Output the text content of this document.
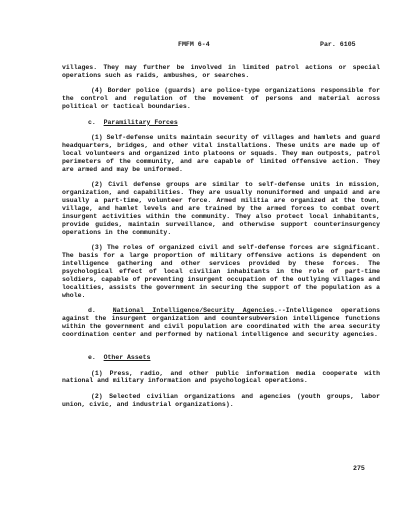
FMFM 6-4	Par. 6105

villages. They may further be involved in limited patrol actions or special operations such as raids, ambushes, or searches.

(4) Border police (guards) are police-type organizations responsible for the control and regulation of the movement of persons and material across political or tactical boundaries.

c. Paramilitary Forces

(1) Self-defense units maintain security of villages and hamlets and guard headquarters, bridges, and other vital installations. These units are made up of local volunteers and organized into platoons or squads. They man outposts, patrol perimeters of the community, and are capable of limited offensive action. They are armed and may be uniformed.

(2) Civil defense groups are similar to self-defense units in mission, organization, and capabilities. They are usually nonuniformed and unpaid and are usually a part-time, volunteer force. Armed militia are organized at the town, village, and hamlet levels and are trained by the armed forces to combat overt insurgent activities within the community. They also protect local inhabitants, provide guides, maintain surveillance, and otherwise support counterinsurgency operations in the community.

(3) The roles of organized civil and self-defense forces are significant. The basis for a large proportion of military offensive actions is dependent on intelligence gathering and other services provided by these forces. The psychological effect of local civilian inhabitants in the role of part-time soldiers, capable of preventing insurgent occupation of the outlying villages and localities, assists the government in securing the support of the population as a whole.

d.	National Intelligence/Security Agencies.--Intelligence operations against the insurgent organization and countersubversion intelligence functions within the government and civil population are coordinated with the area security coordination center and performed by national intelligence and security agencies.

e. Other Assets

(1) Press, radio, and other public information media cooperate with national and military information and psychological operations.

(2) Selected civilian organizations and agencies (youth groups, labor union, civic, and industrial organizations).

275
